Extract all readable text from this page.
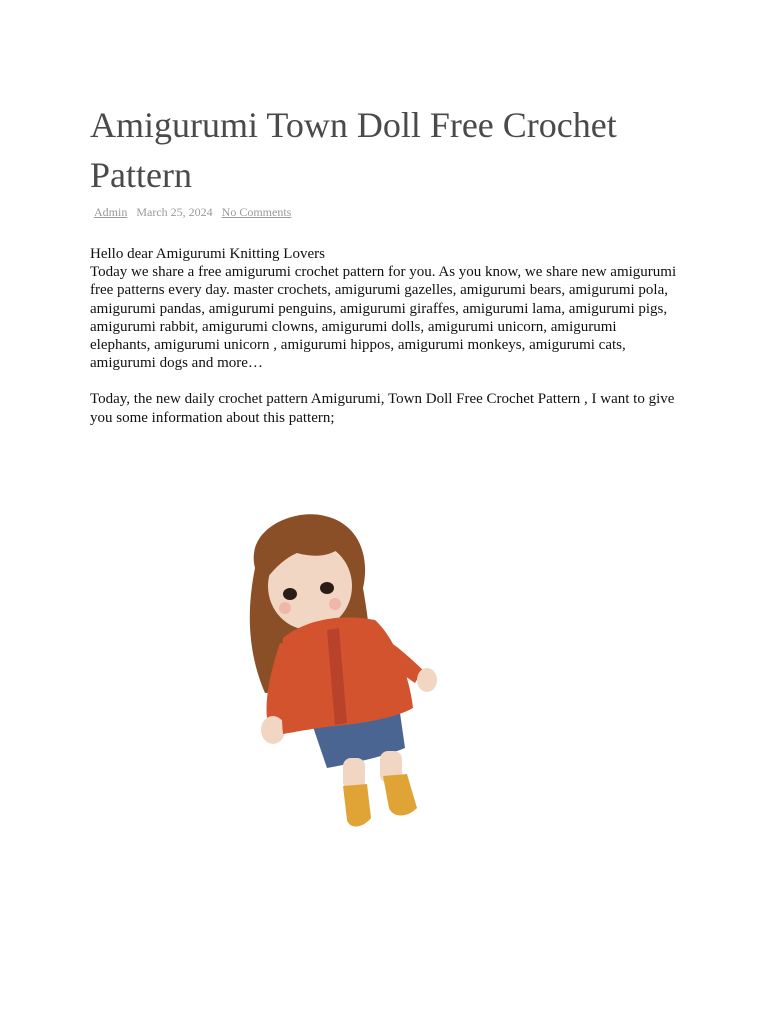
Amigurumi Town Doll Free Crochet Pattern
Admin March 25, 2024 No Comments

Hello dear Amigurumi Knitting Lovers
Today we share a free amigurumi crochet pattern for you. As you know, we share new amigurumi free patterns every day. master crochets, amigurumi gazelles, amigurumi bears, amigurumi pola, amigurumi pandas, amigurumi penguins, amigurumi giraffes, amigurumi lama, amigurumi pigs, amigurumi rabbit, amigurumi clowns, amigurumi dolls, amigurumi unicorn, amigurumi elephants, amigurumi unicorn , amigurumi hippos, amigurumi monkeys, amigurumi cats, amigurumi dogs and more…

Today, the new daily crochet pattern Amigurumi, Town Doll Free Crochet Pattern , I want to give you some information about this pattern;
